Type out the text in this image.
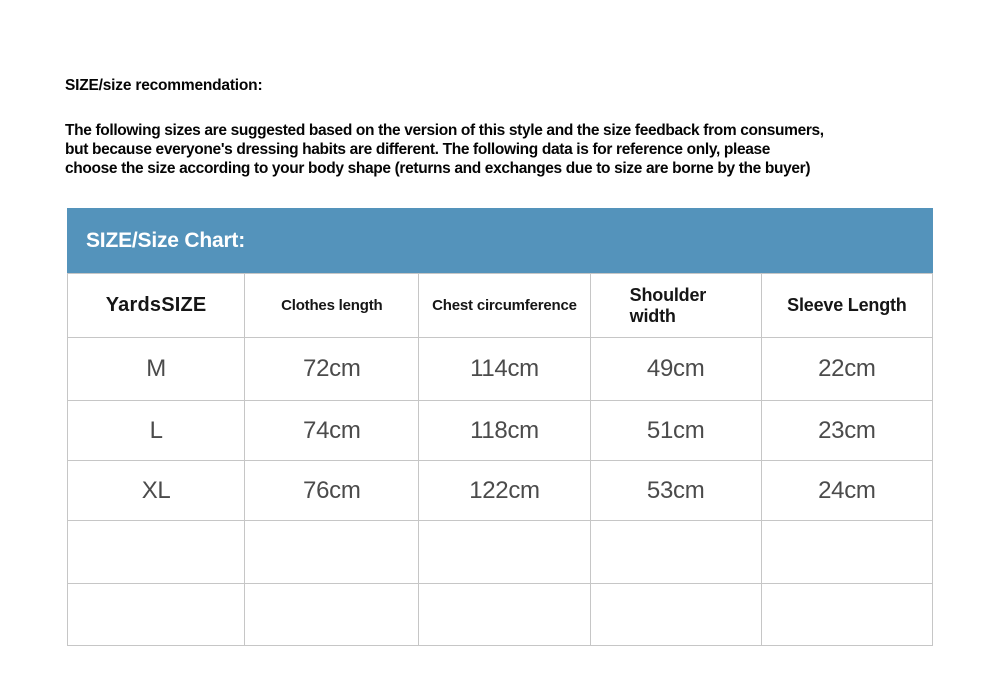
SIZE/size recommendation:
The following sizes are suggested based on the version of this style and the size feedback from consumers,
but because everyone's dressing habits are different. The following data is for reference only, please
choose the size according to your body shape (returns and exchanges due to size are borne by the buyer)
SIZE/Size Chart:
YardsSIZE	Clothes length	Chest circumference	Shoulder width	Sleeve Length
M	72cm	114cm	49cm	22cm
L	74cm	118cm	51cm	23cm
XL	76cm	122cm	53cm	24cm
